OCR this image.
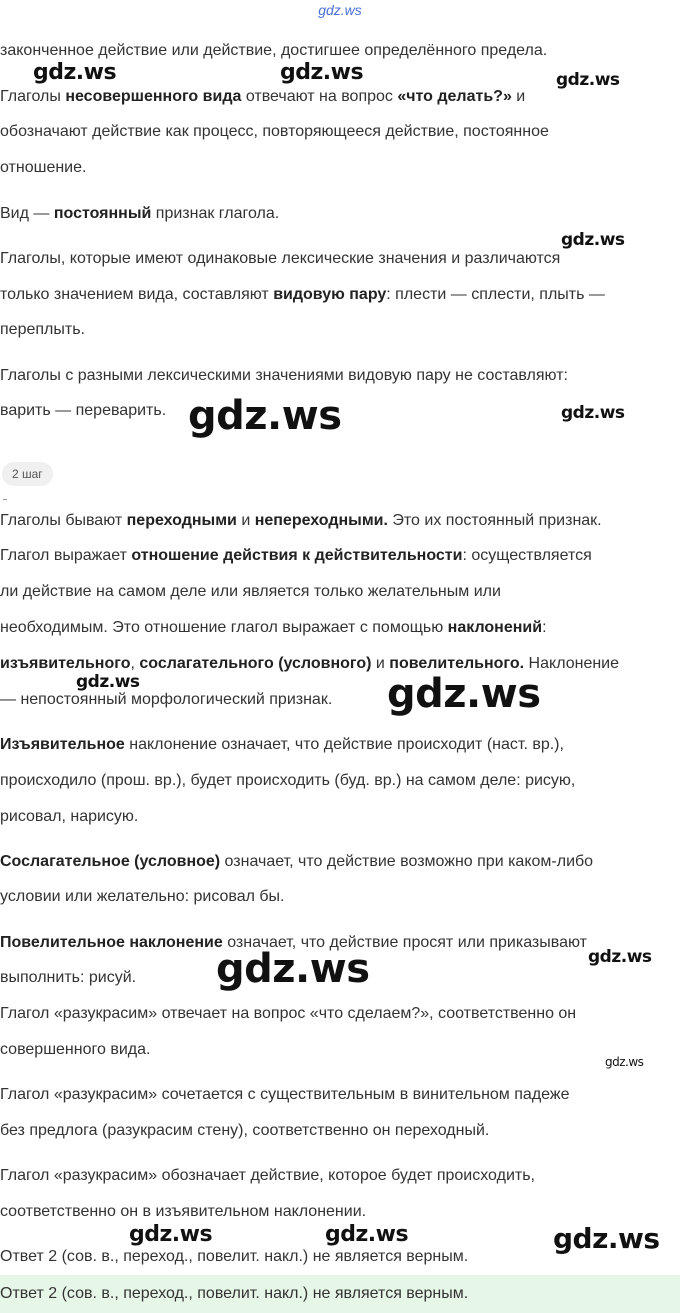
gdz.ws
законченное действие или действие, достигшее определённого предела.
Глаголы несовершенного вида отвечают на вопрос «что делать?» и
обозначают действие как процесс, повторяющееся действие, постоянное
отношение.
Вид — постоянный признак глагола.
Глаголы, которые имеют одинаковые лексические значения и различаются
только значением вида, составляют видовую пару: плести — сплести, плыть —
переплыть.
Глаголы с разными лексическими значениями видовую пару не составляют:
варить — переварить.
2 шаг
Глаголы бывают переходными и непереходными. Это их постоянный признак.
Глагол выражает отношение действия к действительности: осуществляется
ли действие на самом деле или является только желательным или
необходимым. Это отношение глагол выражает с помощью наклонений:
изъявительного, сослагательного (условного) и повелительного. Наклонение
— непостоянный морфологический признак.
Изъявительное наклонение означает, что действие происходит (наст. вр.),
происходило (прош. вр.), будет происходить (буд. вр.) на самом деле: рисую,
рисовал, нарисую.
Сослагательное (условное) означает, что действие возможно при каком-либо
условии или желательно: рисовал бы.
Повелительное наклонение означает, что действие просят или приказывают
выполнить: рисуй.
Глагол «разукрасим» отвечает на вопрос «что сделаем?», соответственно он
совершенного вида.
Глагол «разукрасим» сочетается с существительным в винительном падеже
без предлога (разукрасим стену), соответственно он переходный.
Глагол «разукрасим» обозначает действие, которое будет происходить,
соответственно он в изъявительном наклонении.
Ответ 2 (сов. в., переход., повелит. накл.) не является верным.
Ответ 2 (сов. в., переход., повелит. накл.) не является верным.
gdz.ws	gdz.ws	gdz.ws
gdz.ws
gdz.ws	gdz.ws
gdz.ws	gdz.ws
gdz.ws	gdz.ws
gdz.ws
gdz.ws	gdz.ws	gdz.ws
